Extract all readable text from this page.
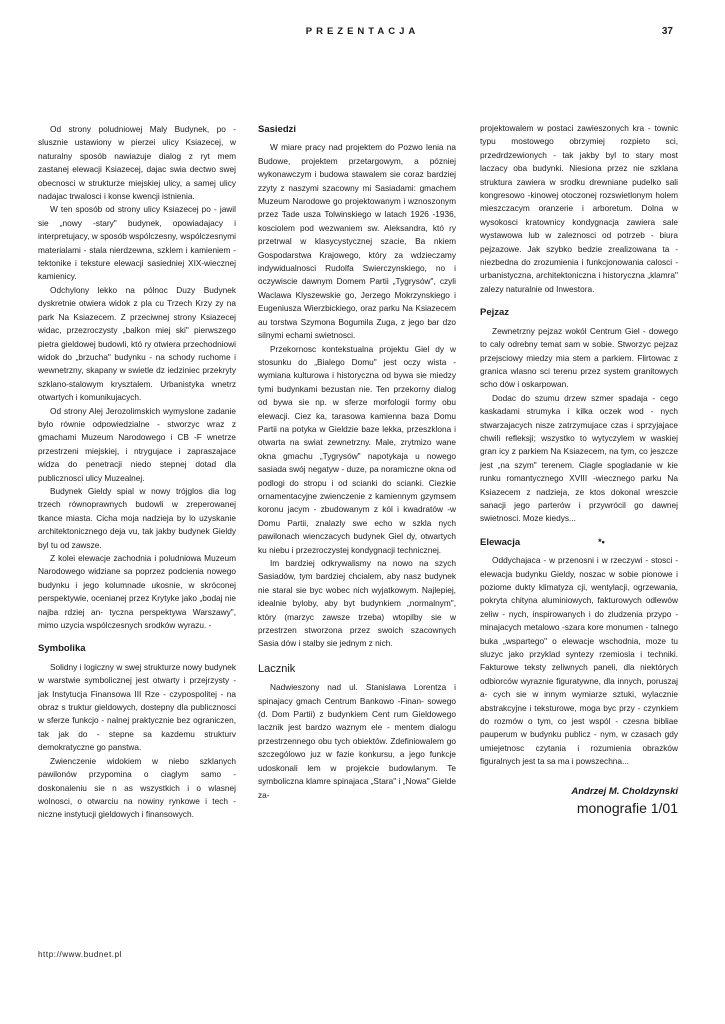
PREZENTACJA	37

Od strony poludniowej Maly Budynek, po - slusznie ustawiony w pierzei ulicy Ksiazecej, w naturalny sposób nawiazuje dialog z ryt mem zastanej elewacji Ksiazecej, dajac swia dectwo swej obecnosci w strukturze miejskiej ulicy, a samej ulicy nadajac trwalosci i konse kwencji istnienia.

W ten sposób od strony ulicy Ksiazecej po - jawil sie „nowy -stary" budynek, opowiadajacy i interpretujacy, w sposób wspólczesny, wspólczesnymi materialami - stala nierdzewna, szklem i kamieniem - tektonike i teksture elewacji sasiedniej XIX-wiecznej kamienicy.

Odchylony lekko na pólnoc Duzy Budynek dyskretnie otwiera widok z pla cu Trzech Krzy zy na park Na Ksiazecem. Z przeciwnej strony Ksiazecej widac, przezroczysty „balkon miej ski" pierwszego pietra gieldowej budowli, któ ry otwiera przechodniowi widok do „brzucha" budynku - na schody ruchome i wewnetrzny, skapany w swietle dz iedziniec przekryty szklano-stalowym krysztalem. Urbanistyka wnetrz otwartych i komunikujacych.

Od strony Alej Jerozolimskich wymyslone zadanie bylo równie odpowiedzialne - stworzyc wraz z gmachami Muzeum Narodowego i CB -F wnetrze przestrzeni miejskiej, i ntrygujace i zapraszajace widza do penetracji niedo stepnej dotad dla publicznosci ulicy Muzealnej.

Budynek Gieldy spial w nowy trójglos dia log trzech równoprawnych budowli w zreperowanej tkance miasta. Cicha moja nadzieja by lo uzyskanie architektonicznego deja vu, tak jakby budynek Gieldy byl tu od zawsze.

Z kolei elewacje zachodnia i poludniowa Muzeum Narodowego widziane sa poprzez podcienia nowego budynku i jego kolumnade ukosnie, w skróconej perspektywie, ocenianej przez Krytyke jako „bodaj nie najba rdziej an- tyczna perspektywa Warszawy", mimo uzycia wspólczesnych srodków wyrazu. -

Symbolika

Solidny i logiczny w swej strukturze nowy budynek w warstwie symbolicznej jest otwarty i przejrzysty - jak Instytucja Finansowa III Rze - czypospolitej - na obraz s truktur gieldowych, dostepny dla publicznosci w sferze funkcjo - nalnej praktycznie bez ograniczen, tak jak do - stepne sa kazdemu strukturv demokratyczne go panstwa.

Zwienczenie widokiem w niebo szklanych pawilonów przypomina o ciaglym samo - doskonaleniu sie n as wszystkich i o wlasnej wolnosci, o otwarciu na nowiny rynkowe i tech - niczne instytucji gieldowych i finansowych.

Sasiedzi

W miare pracy nad projektem do Pozwo lenia na Budowe, projektem przetargowym, a pózniej wykonawczym i budowa stawalem sie coraz bardziej zzyty z naszymi szacowny mi Sasiadami: gmachem Muzeum Narodowe go projektowanym i wznoszonym przez Tade usza Tolwinskiego w latach 1926 -1936, kosciolem pod wezwaniem sw. Aleksandra, któ ry przetrwal w klasycystycznej szacie, Ba nkiem Gospodarstwa Krajowego, który za wdzieczamy indywidualnosci Rudolfa Swierczynskiego, no i oczywiscie dawnym Domem Partii „Tygrysów", czyli Waclawa Klyszewskie go, Jerzego Mokrzynskiego i Eugeniusza Wierzbickiego, oraz parku Na Ksiazecem au torstwa Szymona Bogumila Zuga, z jego bar dzo silnymi echami swietnosci.

Przekornosc kontekstualna projektu Giel dy w stosunku do „Bialego Domu" jest oczy wista - wymiana kulturowa i historyczna od bywa sie miedzy tymi budynkami bezustan nie. Ten przekorny dialog od bywa sie np. w sferze morfologii formy obu elewacji. Ciez ka, tarasowa kamienna baza Domu Partii na potyka w Gieldzie baze lekka, przeszklona i otwarta na swiat zewnetrzny. Male, zrytmizo wane okna gmachu „Tygrysów" napotykaja u nowego sasiada swój negatyw - duze, pa noramiczne okna od podlogi do stropu i od scianki do scianki. Ciezkie ornamentacyjne zwienczenie z kamiennym gzymsem koronu jacym - zbudowanym z kól i kwadratów -w Domu Partii, znalazly swe echo w szkla nych pawilonach wienczacych budynek Giel dy, otwartych ku niebu i przezroczystej kondygnacji technicznej.

Im bardziej odkrywalismy na nowo na szych Sasiadów, tym bardziej chcialem, aby nasz budynek nie staral sie byc wobec nich wyjatkowym. Najlepiej, idealnie byloby, aby byt budynkiem „normalnym", który (marzyc zawsze trzeba) wtopilby sie w przestrzen stworzona przez swoich szacownych Sasia dów i stalby sie jednym z nich.

Lacznik

Nadwieszony nad ul. Stanislawa Lorentza i spinajacy gmach Centrum Bankowo -Finan- sowego (d. Dom Partii) z budynkiem Cent rum Gieldowego lacznik jest bardzo waznym ele - mentem dialogu przestrzennego obu tych obiektów. Zdefiniowalem go szczególowo juz w fazie konkursu, a jego funkcje udoskonali lem w projekcie budowlanym. Te symboliczna klamre spinajaca „Stara" i „Nowa" Gielde za-

projektowalem w postaci zawieszonych kra - townic typu mostowego obrzymiej rozpieto sci, przedrdzewionych - tak jakby byl to stary most laczacy oba budynki. Niesiona przez nie szklana struktura zawiera w srodku drewniane pudelko sali kongresowo -kinowej otoczonej rozswietlonym holem mieszczacym oranzerie i arboretum. Dolna w wysokosci kratownicy kondygnacja zawiera sale wystawowa lub w zaleznosci od potrzeb - biura pejzazowe. Jak szybko bedzie zrealizowana ta - niezbedna do zrozumienia i funkcjonowania calosci - urbanistyczna, architektoniczna i historyczna „klamra" zalezy naturalnie od Inwestora.

Pejzaz

Zewnetrzny pejzaz wokól Centrum Giel - dowego to caly odrebny temat sam w sobie. Stworzyc pejzaz przejsciowy miedzy mia stem a parkiem. Flirtowac z granica wlasno sci terenu przez system granitowych scho dów i oskarpowan.

Dodac do szumu drzew szmer spadaja - cego kaskadami strumyka i kilka oczek wod - nych stwarzajacych nisze zatrzymujace czas i sprzyjajace chwili refleksji; wszystko to wytyczylem w waskiej gran icy z parkiem Na Ksiazecem, na tym, co jeszcze jest „na szym" terenem. Ciagle spogladanie w kie runku romantycznego XVIII -wiecznego parku Na Ksiazecem z nadzieja, ze ktos dokonal wreszcie sanacji jego parterów i przywrócil go dawnej swietnosci. Moze kiedys...

Elewacja	*•

Oddychajaca - w przenosni i w rzeczywi - stosci - elewacja budynku Gieldy, noszac w sobie pionowe i poziome dukty klimatyza cji, wentylacji, ogrzewania, pokryta chityna aluminiowych, fakturowych odlewów zeliw - nych, inspirowanych i do zludzenia przypo - minajacych metalowo -szara kore monumen - talnego buka „wspartego" o elewacje wschodnia, moze tu sluzyc jako przyklad syntezy rzemiosla i techniki. Fakturowe teksty zeliwnych paneli, dla niektórych odbiorców wyraznie figuratywne, dla innych, poruszaj a- cych sie w innym wymiarze sztuki, wylacznie abstrakcyjne i teksturowe, moga byc przy - czynkiem do rozmów o tym, co jest wspól - czesna bibliae pauperum w budynku publicz - nym, w czasach gdy umiejetnosc czytania i rozumienia obrazków figuralnych jest ta sa ma i powszechna...

Andrzej M. Choldzynski
monografie 1/01
http://www.budnet.pl
